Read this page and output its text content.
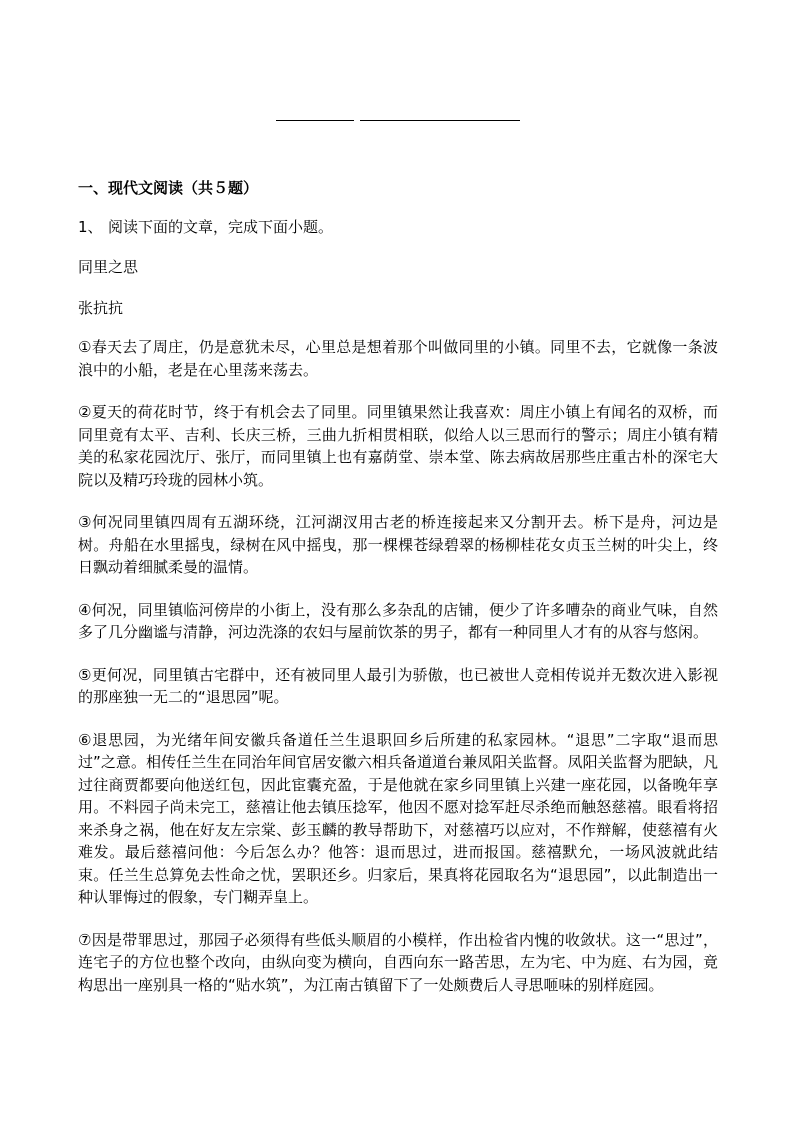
一、现代文阅读（共５题）

1、 阅读下面的文章，完成下面小题。

同里之思

张抗抗

①春天去了周庄，仍是意犹未尽，心里总是想着那个叫做同里的小镇。同里不去，它就像一条波浪中的小船，老是在心里荡来荡去。

②夏天的荷花时节，终于有机会去了同里。同里镇果然让我喜欢：周庄小镇上有闻名的双桥，而同里竟有太平、吉利、长庆三桥，三曲九折相贯相联，似给人以三思而行的警示；周庄小镇有精美的私家花园沈厅、张厅，而同里镇上也有嘉荫堂、崇本堂、陈去病故居那些庄重古朴的深宅大院以及精巧玲珑的园林小筑。

③何况同里镇四周有五湖环绕，江河湖汊用古老的桥连接起来又分割开去。桥下是舟，河边是树。舟船在水里摇曳，绿树在风中摇曳，那一棵棵苍绿碧翠的杨柳桂花女贞玉兰树的叶尖上，终日飘动着细腻柔曼的温情。

④何况，同里镇临河傍岸的小街上，没有那么多杂乱的店铺，便少了许多嘈杂的商业气味，自然多了几分幽谧与清静，河边洗涤的农妇与屋前饮茶的男子，都有一种同里人才有的从容与悠闲。

⑤更何况，同里镇古宅群中，还有被同里人最引为骄傲，也已被世人竞相传说并无数次进入影视的那座独一无二的“退思园”呢。

⑥退思园，为光绪年间安徽兵备道任兰生退职回乡后所建的私家园林。“退思”二字取“退而思过”之意。相传任兰生在同治年间官居安徽六相兵备道道台兼凤阳关监督。凤阳关监督为肥缺，凡过往商贾都要向他送红包，因此宦囊充盈，于是他就在家乡同里镇上兴建一座花园，以备晚年享用。不料园子尚未完工，慈禧让他去镇压捻军，他因不愿对捻军赶尽杀绝而触怒慈禧。眼看将招来杀身之祸，他在好友左宗棠、彭玉麟的教导帮助下，对慈禧巧以应对，不作辩解，使慈禧有火难发。最后慈禧问他：今后怎么办？他答：退而思过，进而报国。慈禧默允，一场风波就此结束。任兰生总算免去性命之忧，罢职还乡。归家后，果真将花园取名为“退思园”，以此制造出一种认罪悔过的假象，专门糊弄皇上。

⑦因是带罪思过，那园子必须得有些低头顺眉的小模样，作出检省内愧的收敛状。这一“思过”，连宅子的方位也整个改向，由纵向变为横向，自西向东一路苦思，左为宅、中为庭、右为园，竟构思出一座别具一格的“贴水筑”，为江南古镇留下了一处颇费后人寻思咂味的别样庭园。
